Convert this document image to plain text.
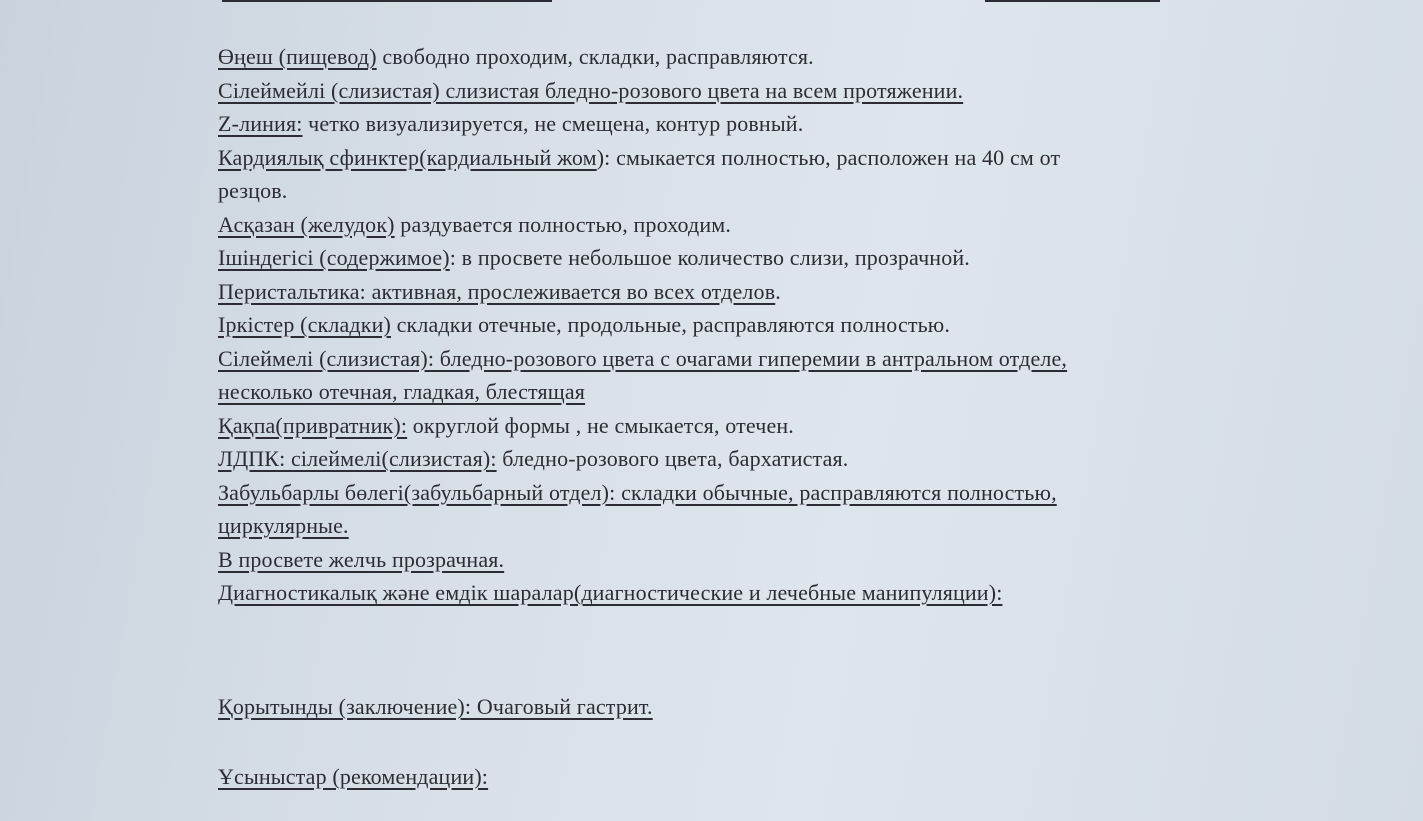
Өңеш (пищевод) свободно проходим, складки, расправляются.
Сілеймейлі (слизистая) слизистая бледно-розового цвета на всем протяжении.
Z-линия: четко визуализируется, не смещена, контур ровный.
Кардиялық сфинктер(кардиальный жом): смыкается полностью, расположен на 40 см от
резцов.
Асқазан (желудок) раздувается полностью, проходим.
Ішіндегісі (содержимое): в просвете небольшое количество слизи, прозрачной.
Перистальтика: активная, прослеживается во всех отделов.
Іркістер (складки) складки отечные, продольные, расправляются полностью.
Сілеймелі (слизистая): бледно-розового цвета с очагами гиперемии в антральном отделе,
несколько отечная, гладкая, блестящая
Қақпа(привратник): округлой формы , не смыкается, отечен.
ЛДПК: сілеймелі(слизистая): бледно-розового цвета, бархатистая.
Забульбарлы бөлегі(забульбарный отдел): складки обычные, расправляются полностью,
циркулярные.
В просвете желчь прозрачная.
Диагностикалық және емдік шаралар(диагностические и лечебные манипуляции):
Қорытынды (заключение): Очаговый гастрит.
Ұсыныстар (рекомендации):
